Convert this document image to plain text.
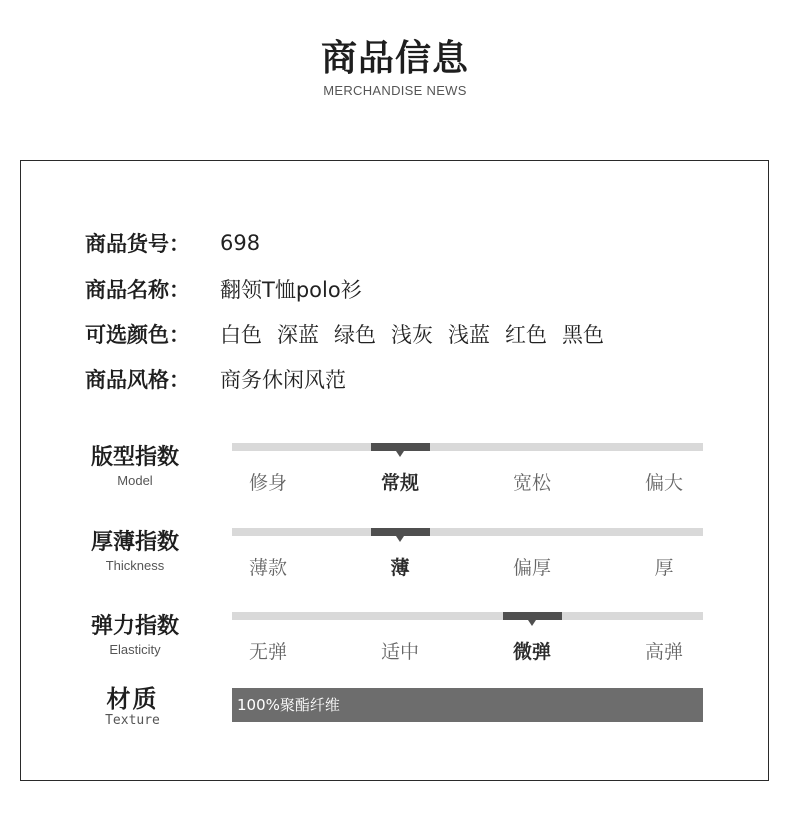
商品信息
MERCHANDISE NEWS
商品货号：	698
商品名称：	翻领T恤polo衫
可选颜色：	白色 深蓝 绿色 浅灰 浅蓝 红色 黑色
商品风格：	商务休闲风范
版型指数
Model	修身	常规	宽松	偏大
厚薄指数
Thickness	薄款	薄	偏厚	厚
弹力指数
Elasticity	无弹	适中	微弹	高弹
材质
Texture
100%聚酯纤维
